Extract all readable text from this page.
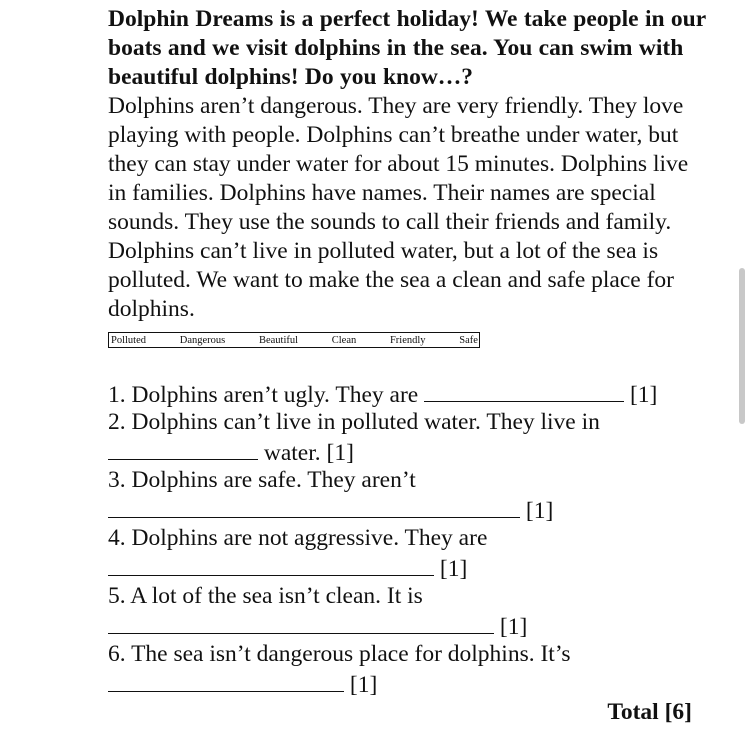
Dolphin Dreams is a perfect holiday! We take people in our boats and we visit dolphins in the sea. You can swim with beautiful dolphins! Do you know…?

Dolphins aren’t dangerous. They are very friendly. They love playing with people. Dolphins can’t breathe under water, but they can stay under water for about 15 minutes. Dolphins live in families. Dolphins have names. Their names are special sounds. They use the sounds to call their friends and family. Dolphins can’t live in polluted water, but a lot of the sea is polluted. We want to make the sea a clean and safe place for dolphins.

Polluted	Dangerous	Beautiful	Clean	Friendly	Safe
1. Dolphins aren’t ugly. They are	[1]
2. Dolphins can’t live in polluted water. They live in
water. [1]
3. Dolphins are safe. They aren’t
[1]
4. Dolphins are not aggressive. They are
[1]
5. A lot of the sea isn’t clean. It is
[1]
6. The sea isn’t dangerous place for dolphins. It’s
[1]
Total [6]
